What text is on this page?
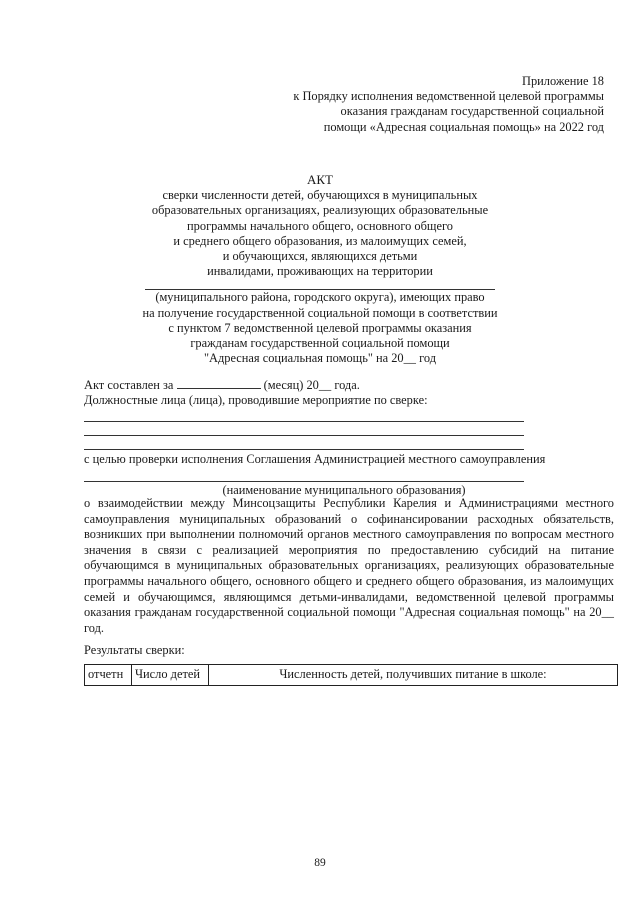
Приложение 18
к Порядку исполнения ведомственной целевой программы
оказания гражданам государственной социальной
помощи «Адресная социальная помощь» на 2022 год
АКТ
сверки численности детей, обучающихся в муниципальных
образовательных организациях, реализующих образовательные
программы начального общего, основного общего
и среднего общего образования, из малоимущих семей,
и обучающихся, являющихся детьми
инвалидами, проживающих на территории
(муниципального района, городского округа), имеющих право
на получение государственной социальной помощи в соответствии
с пунктом 7 ведомственной целевой программы оказания
гражданам государственной социальной помощи
"Адресная социальная помощь" на 20__ год
Акт составлен за	(месяц) 20__ года.
Должностные лица (лица), проводившие мероприятие по сверке:
с целью проверки исполнения Соглашения Администрацией местного самоуправления
(наименование муниципального образования)
о взаимодействии между Минсоцзащиты Республики Карелия и Администрациями местного самоуправления муниципальных образований о софинансировании расходных обязательств, возникших при выполнении полномочий органов местного самоуправления по вопросам местного значения в связи с реализацией мероприятия по предоставлению субсидий на питание обучающимся в муниципальных образовательных организациях, реализующих образовательные программы начального общего, основного общего и среднего общего образования, из малоимущих семей и обучающимся, являющимся детьми-инвалидами, ведомственной целевой программы оказания гражданам государственной социальной помощи "Адресная социальная помощь" на 20__ год.
Результаты сверки:
отчетн	Число детей	Численность детей, получивших питание в школе:
89
